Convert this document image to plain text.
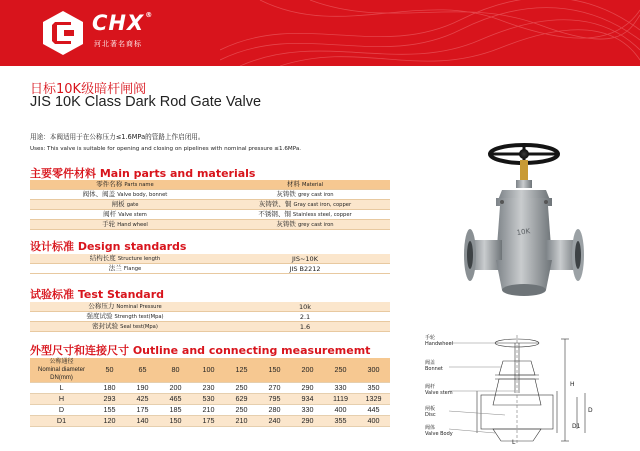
CHX®
河北著名商标
日标10K级暗杆闸阀
JIS 10K Class Dark Rod Gate Valve
用途：本阀适用于在公称压力≤1.6MPa的管路上作启闭用。
Uses: This valve is suitable for opening and closing on pipelines with nominal pressure ≤1.6MPa.
主要零件材料 Main parts and materials
零件名称 Parts name	材料 Material
阀体、阀盖 Valve body, bonnet	灰铸铁 grey cast iron
闸板 gate	灰铸铁、铜 Gray cast iron, copper
阀杆 Valve stem	不锈钢、铜 Stainless steel, copper
手轮 Hand wheel	灰铸铁 grey cast iron
设计标准 Design standards
结构长度 Structure length	JIS~10K
法兰 Flange	JIS B2212
试验标准 Test Standard
公称压力 Nominal Pressure	10k
强度试验 Strength test(Mpa)	2.1
密封试验 Seal test(Mpa)	1.6
外型尺寸和连接尺寸 Outline and connecting measurememt
公称通径
Nominal diameter
DN(mm)	50	65	80	100	125	150	200	250	300
L	180	190	200	230	250	270	290	330	350
H	293	425	465	530	629	795	934	1119	1329
D	155	175	185	210	250	280	330	400	445
D1	120	140	150	175	210	240	290	355	400
10K
手轮
Handwheel
阀盖
Bonnet
阀杆
Valve stem
闸板
Disc
阀体
Valve Body
H
L
D
D1
